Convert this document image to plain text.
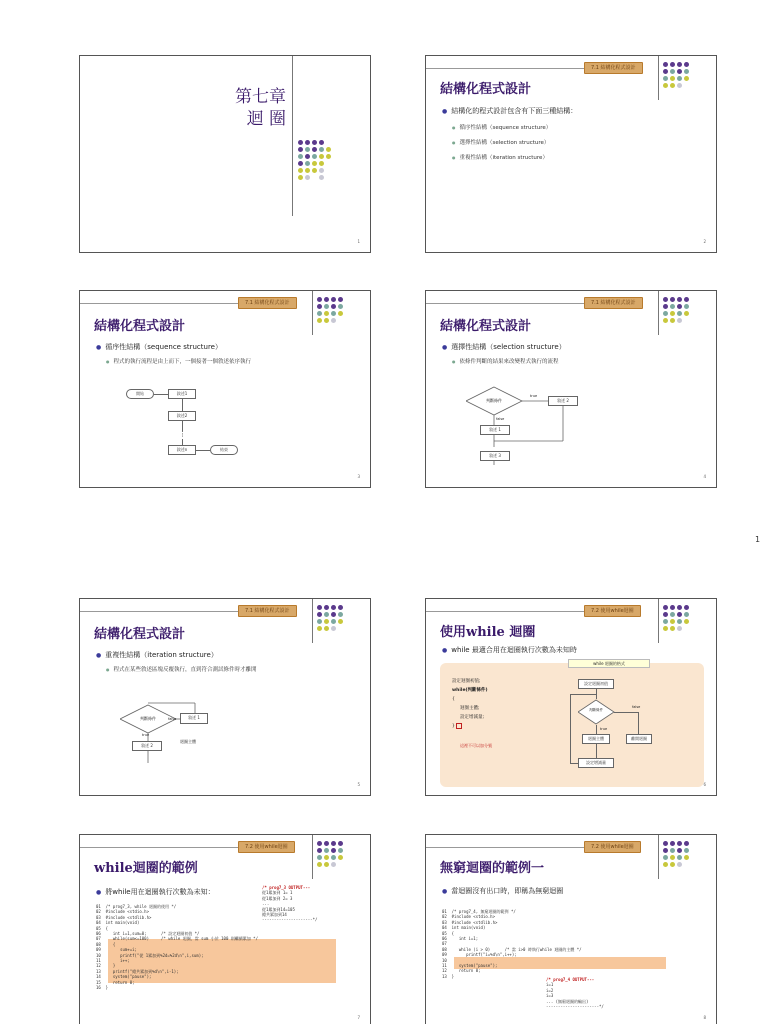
1
第七章
迴 圈
1
7.1 結構化程式設計
結構化程式設計
● 結構化的程式設計包含有下面三種結構：
● 循序性結構（sequence structure）
● 選擇性結構（selection structure）
● 重複性結構（iteration structure）
2
7.1 結構化程式設計
結構化程式設計
● 循序性結構（sequence structure）
● 程式的執行流程是由上而下，一個接著一個敘述依序執行
開始	敘述1
敘述2
⋮
敘述n	結束
3
7.1 結構化程式設計
結構化程式設計
● 選擇性結構（selection structure）
● 依條件判斷的結果來改變程式執行的流程
判斷條件
true
false
敘述 2
敘述 1
敘述 3
4
7.1 結構化程式設計
結構化程式設計
● 重複性結構（iteration structure）
● 程式在某些敘述區塊反覆執行，直到符合測試條件時才離開
判斷條件	敘述 1
true
false
敘述 2
迴圈主體
5
7.2 使用while迴圈
使用while 迴圈
● while 最適合用在迴圈執行次數為未知時
while 迴圈的格式
設定迴圈初值;
while(判斷條件)
{
迴圈主體;
設定增減量;
}
這裡不可以加分號
設定迴圈初值
判斷條件
false
true
離開迴圈
迴圈主體
設定增減量
6
7.2 使用while迴圈
while迴圈的範例
● 將while用在迴圈執行次數為未知：
/* prog7_3 OUTPUT---
從1累加到 1= 1
從1累加到 2= 3
...
從1累加到14=105
總共累加到14
---------------------*/
01  /* prog7_3, while 迴圈的使用 */
02  #include <stdio.h>
03  #include <stdlib.h>
04  int main(void)
05  {
06     int i=1,sum=0;      /* 設定迴圈初值 */
07     while(sum<=100)     /* while 迴圈，當 sum 小於 100 則繼續累加 */
08     {
09        sum+=i;
10        printf("從 1累加到%2d=%2d\n",i,sum);
11        i++;
12     }
13     printf("總共累加到%d\n",i-1);
14     system("pause");
15     return 0;
16  }
7
7.2 使用while迴圈
無窮迴圈的範例一
● 當迴圈沒有出口時，即稱為無窮迴圈
01  /* prog7_4, 無窮迴圈的範例 */
02  #include <stdio.h>
03  #include <stdlib.h>
04  int main(void)
05  {
06     int i=1;
07
08     while (i > 0)      /* 當 i>0 時執行while 迴圈的主體 */
09        printf("i=%d\n",i++);
10
11     system("pause");
12     return 0;
13  }
/* prog7_4 OUTPUT---
i=1
i=2
i=3
... (無窮迴圈的輸出)
----------------------*/
8
